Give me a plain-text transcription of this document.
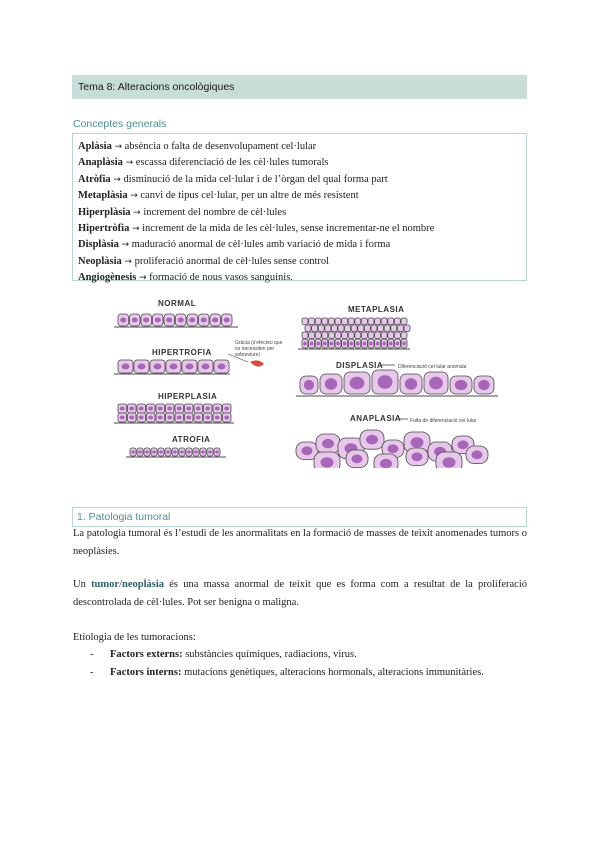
Tema 8: Alteracions oncològiques
Conceptes generals
Aplàsia → absència o falta de desenvolupament cel·lular
Anaplàsia → escassa diferenciació de les cèl·lules tumorals
Atròfia → disminució de la mida cel·lular i de l’òrgan del qual forma part
Metaplàsia → canvi de tipus cel·lular, per un altre de més resistent
Hiperplàsia → increment del nombre de cèl·lules
Hipertròfia → increment de la mida de les cèl·lules, sense incrementar-ne el nombre
Displàsia → maduració anormal de cèl·lules amb variació de mida i forma
Neoplàsia → proliferació anormal de cèl·lules sense control
Angiogènesis → formació de nous vasos sanguinis.
NORMAL
HIPERTROFIA
HIPERPLASIA
ATROFIA
METAPLASIA
DISPLASIA
ANAPLASIA
Gràcia (s'efecteu que
es necessiten per
sobreviure)
Diferenciació cel·lular anomala
Falta de diferenciació cel·lular
1. Patologia tumoral
La patologia tumoral és l’estudi de les anormalitats en la formació de masses de teixit anomenades tumors o neoplàsies.
Un tumor/neoplàsia és una massa anormal de teixit que es forma com a resultat de la proliferació descontrolada de cèl·lules. Pot ser benigna o maligna.
Etiologia de les tumoracions:
- Factors externs: substàncies químiques, radiacions, virus.
- Factors interns: mutacions genètiques, alteracions hormonals, alteracions immunitàries.
